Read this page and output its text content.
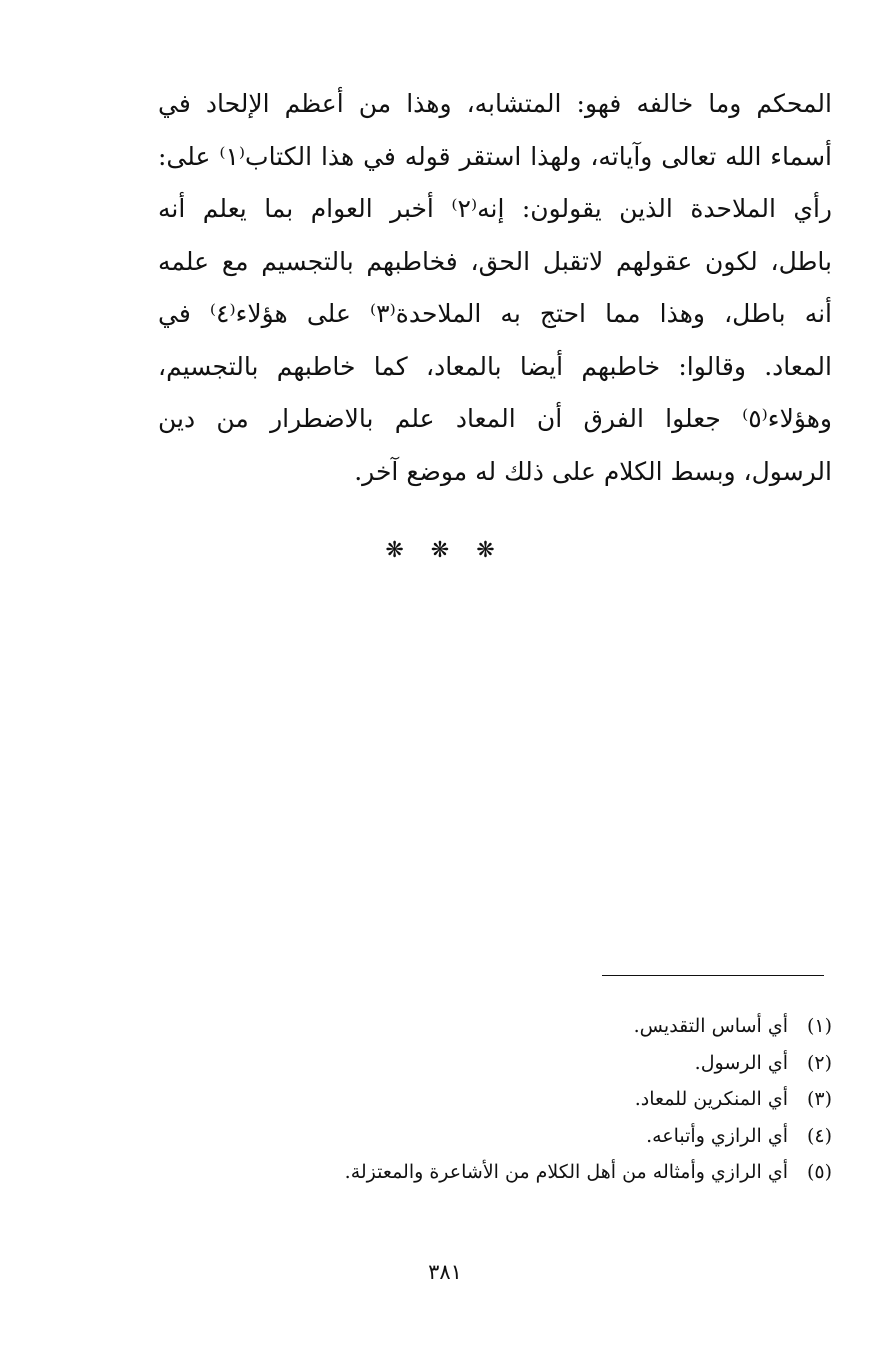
المحكم وما خالفه فهو: المتشابه، وهذا من أعظم الإلحاد في
أسماء الله تعالى وآياته، ولهذا استقر قوله في هذا الكتاب⁽١⁾ على:
رأي الملاحدة الذين يقولون: إنه⁽٢⁾ أخبر العوام بما يعلم أنه
باطل، لكون عقولهم لاتقبل الحق، فخاطبهم بالتجسيم مع علمه
أنه باطل، وهذا مما احتج به الملاحدة⁽٣⁾ على هؤلاء⁽٤⁾ في
المعاد. وقالوا: خاطبهم أيضا بالمعاد، كما خاطبهم بالتجسيم،
وهؤلاء⁽٥⁾ جعلوا الفرق أن المعاد علم بالاضطرار من دين
الرسول، وبسط الكلام على ذلك له موضع آخر.
❋ ❋ ❋
(١)أي أساس التقديس.
(٢)أي الرسول.
(٣)أي المنكرين للمعاد.
(٤)أي الرازي وأتباعه.
(٥)أي الرازي وأمثاله من أهل الكلام من الأشاعرة والمعتزلة.
٣٨١
